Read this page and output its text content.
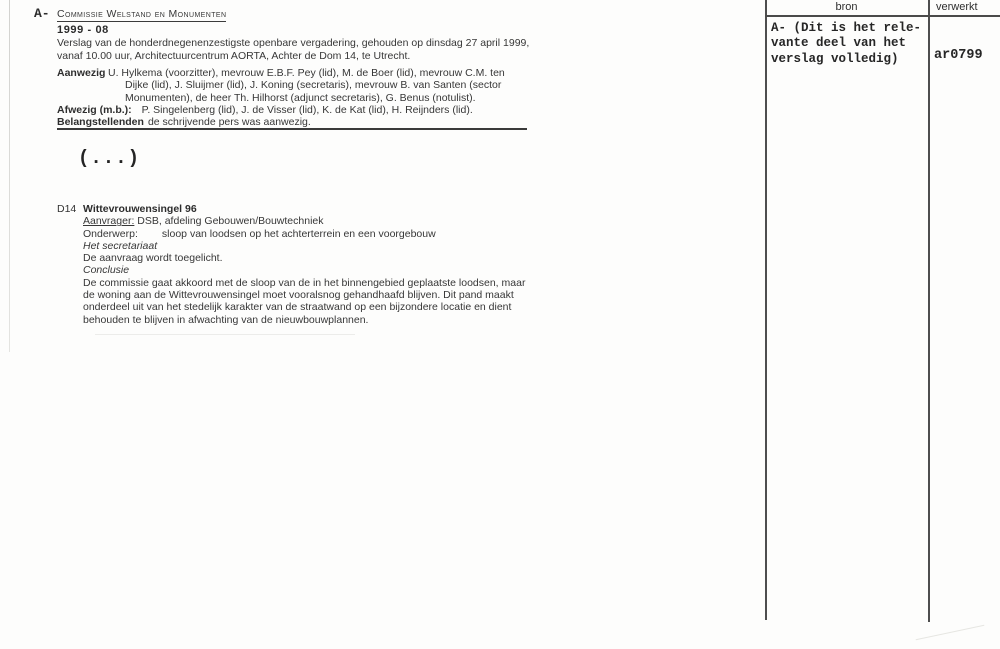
A- Commissie Welstand en Monumenten
1999 - 08
Verslag van de honderdnegenenzestigste openbare vergadering, gehouden op dinsdag 27 april 1999,
vanaf 10.00 uur, Architectuurcentrum AORTA, Achter de Dom 14, te Utrecht.
Aanwezig U. Hylkema (voorzitter), mevrouw E.B.F. Pey (lid), M. de Boer (lid), mevrouw C.M. ten
Dijke (lid), J. Sluijmer (lid), J. Koning (secretaris), mevrouw B. van Santen (sector
Monumenten), de heer Th. Hilhorst (adjunct secretaris), G. Benus (notulist).
Afwezig (m.b.): P. Singelenberg (lid), J. de Visser (lid), K. de Kat (lid), H. Reijnders (lid).
Belangstellenden de schrijvende pers was aanwezig.
(...)
D14 Wittevrouwensingel 96
Aanvrager: DSB, afdeling Gebouwen/Bouwtechniek
Onderwerp: sloop van loodsen op het achterterrein en een voorgebouw
Het secretariaat
De aanvraag wordt toegelicht.
Conclusie
De commissie gaat akkoord met de sloop van de in het binnengebied geplaatste loodsen, maar
de woning aan de Wittevrouwensingel moet vooralsnog gehandhaafd blijven. Dit pand maakt
onderdeel uit van het stedelijk karakter van de straatwand op een bijzondere locatie en dient
behouden te blijven in afwachting van de nieuwbouwplannen.
bron	verwerkt
A- (Dit is het rele-
vante deel van het
verslag volledig)	ar0799
